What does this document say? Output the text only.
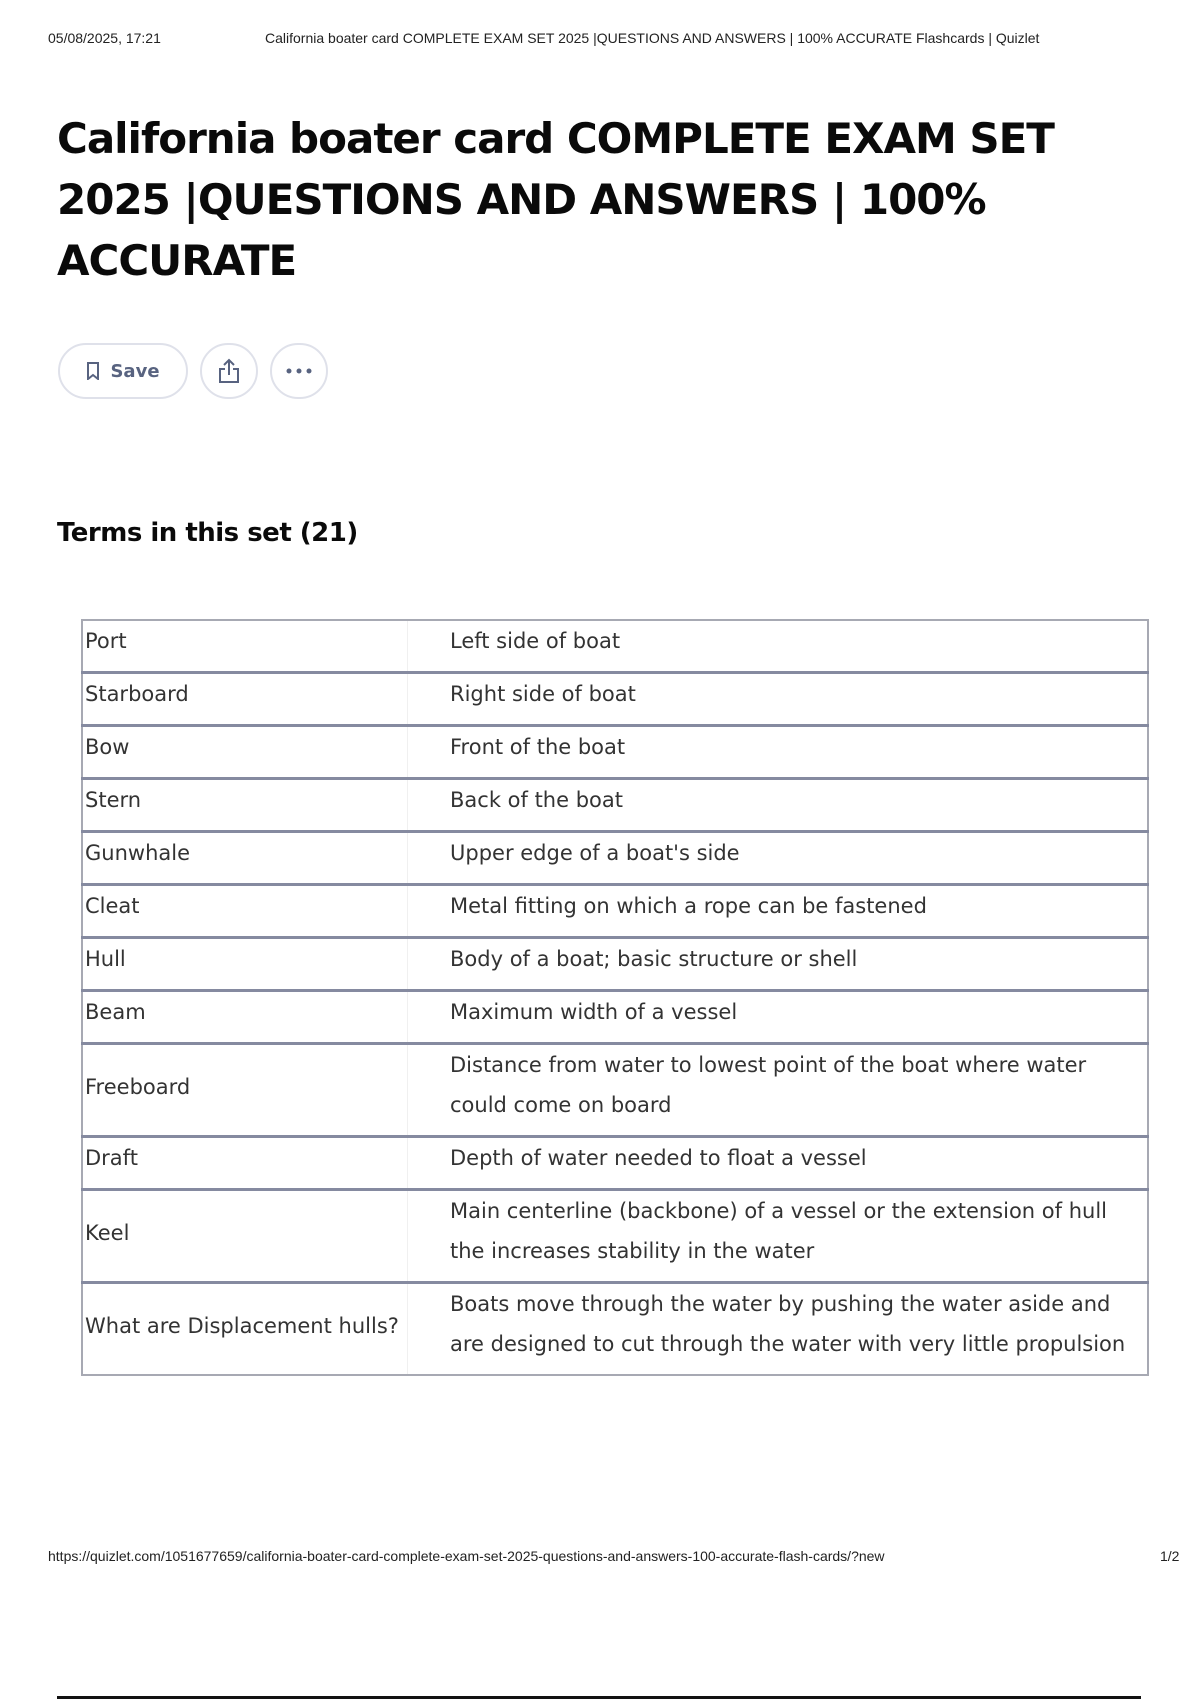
05/08/2025, 17:21	California boater card COMPLETE EXAM SET 2025 |QUESTIONS AND ANSWERS | 100% ACCURATE Flashcards | Quizlet
California boater card COMPLETE EXAM SET 2025 |QUESTIONS AND ANSWERS | 100% ACCURATE
Save
Terms in this set (21)
Port	Left side of boat
Starboard	Right side of boat
Bow	Front of the boat
Stern	Back of the boat
Gunwhale	Upper edge of a boat's side
Cleat	Metal fitting on which a rope can be fastened
Hull	Body of a boat; basic structure or shell
Beam	Maximum width of a vessel
Freeboard	Distance from water to lowest point of the boat where water could come on board
Draft	Depth of water needed to float a vessel
Keel	Main centerline (backbone) of a vessel or the extension of hull the increases stability in the water
What are Displacement hulls?	Boats move through the water by pushing the water aside and are designed to cut through the water with very little propulsion
https://quizlet.com/1051677659/california-boater-card-complete-exam-set-2025-questions-and-answers-100-accurate-flash-cards/?new	1/2
